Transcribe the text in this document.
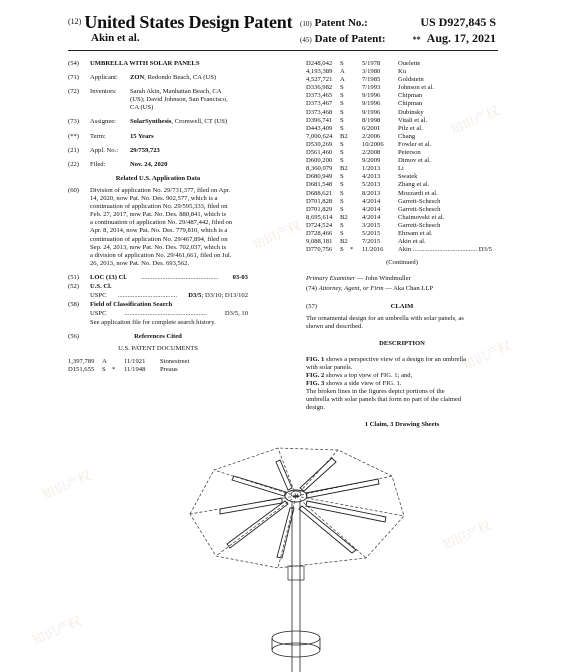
知识产权
知识产权
知识产权
知识产权
知识产权
知识产权
$^{(12)}$ United States Design Patent
Akin et al.
(10) Patent No.:	US D927,845 S
(45) Date of Patent:	** Aug. 17, 2021
(54)	UMBRELLA WITH SOLAR PANELS
(71)	Applicant:	ZON, Redondo Beach, CA (US)
(72)	Inventors:	Sarah Akin, Manhattan Beach, CA
(US); David Johnson, San Francisco,
CA (US)
(73)	Assignee:	SolarSynthesis, Cromwell, CT (US)
(**)	Term:	15 Years
(21)	Appl. No.:	29/759,723
(22)	Filed:	Nov. 24, 2020
Related U.S. Application Data
(60)	Division of application No. 29/731,377, filed on Apr.
14, 2020, now Pat. No. Des. 902,577, which is a
continuation of application No. 29/595,333, filed on
Feb. 27, 2017, now Pat. No. Des. 880,841, which is
a continuation of application No. 29/487,442, filed on
Apr. 8, 2014, now Pat. No. Des. 779,810, which is a
continuation of application No. 29/467,894, filed on
Sep. 24, 2013, now Pat. No. Des. 702,037, which is
a division of application No. 29/461,661, filed on Jul.
26, 2013, now Pat. No. Des. 693,562.
(51)	LOC (13) Cl. ............................................... 03-03
(52)	U.S. Cl.
USPC .................................... D3/5; D3/10; D13/102
(58)	Field of Classification Search
USPC	..................................................	D3/5, 10
See application file for complete search history.
(56)	References Cited
U.S. PATENT DOCUMENTS
1,397,789	A	11/1921	Stonestreet
D151,655	S *	11/1948	Preaus
D248,042	S	5/1978	Ouelette
4,193,389	A	3/1980	Ku
4,527,721	A	7/1985	Goldstein
D336,982	S	7/1993	Johnson et al.
D373,465	S	9/1996	Chipman
D373,467	S	9/1996	Chipman
D373,468	S	9/1996	Dubinsky
D396,741	S	8/1998	Vitali et al.
D443,409	S	6/2001	Pilz et al.
7,000,624	B2	2/2006	Chang
D530,269	S	10/2006	Fowler et al.
D561,460	S	2/2008	Peterson
D600,200	S	9/2009	Dimov et al.
8,360,079	B2	1/2013	Li
D680,949	S	4/2013	Swatek
D681,548	S	5/2013	Zhang et al.
D688,621	S	8/2013	Mozzardi et al.
D701,828	S	4/2014	Garrett-Schesch
D701,829	S	4/2014	Garrett-Schesch
8,695,614	B2	4/2014	Chaimovski et al.
D724,524	S	3/2015	Garrett-Schesch
D728,466	S	5/2015	Ehrsam et al.
9,088,181	B2	7/2015	Akin et al.
D770,756	S *	11/2016	Akin ....................................... D3/5
(Continued)
Primary Examiner — John Windmuller
(74) Attorney, Agent, or Firm — Aka Chan LLP
(57)	CLAIM
The ornamental design for an umbrella with solar panels, as
shown and described.
DESCRIPTION
FIG. 1 shows a perspective view of a design for an umbrella
with solar panels.
FIG. 2 shows a top view of FIG. 1; and,
FIG. 3 shows a side view of FIG. 1.
The broken lines in the figures depict portions of the
umbrella with solar panels that form no part of the claimed
design.
1 Claim, 3 Drawing Sheets
